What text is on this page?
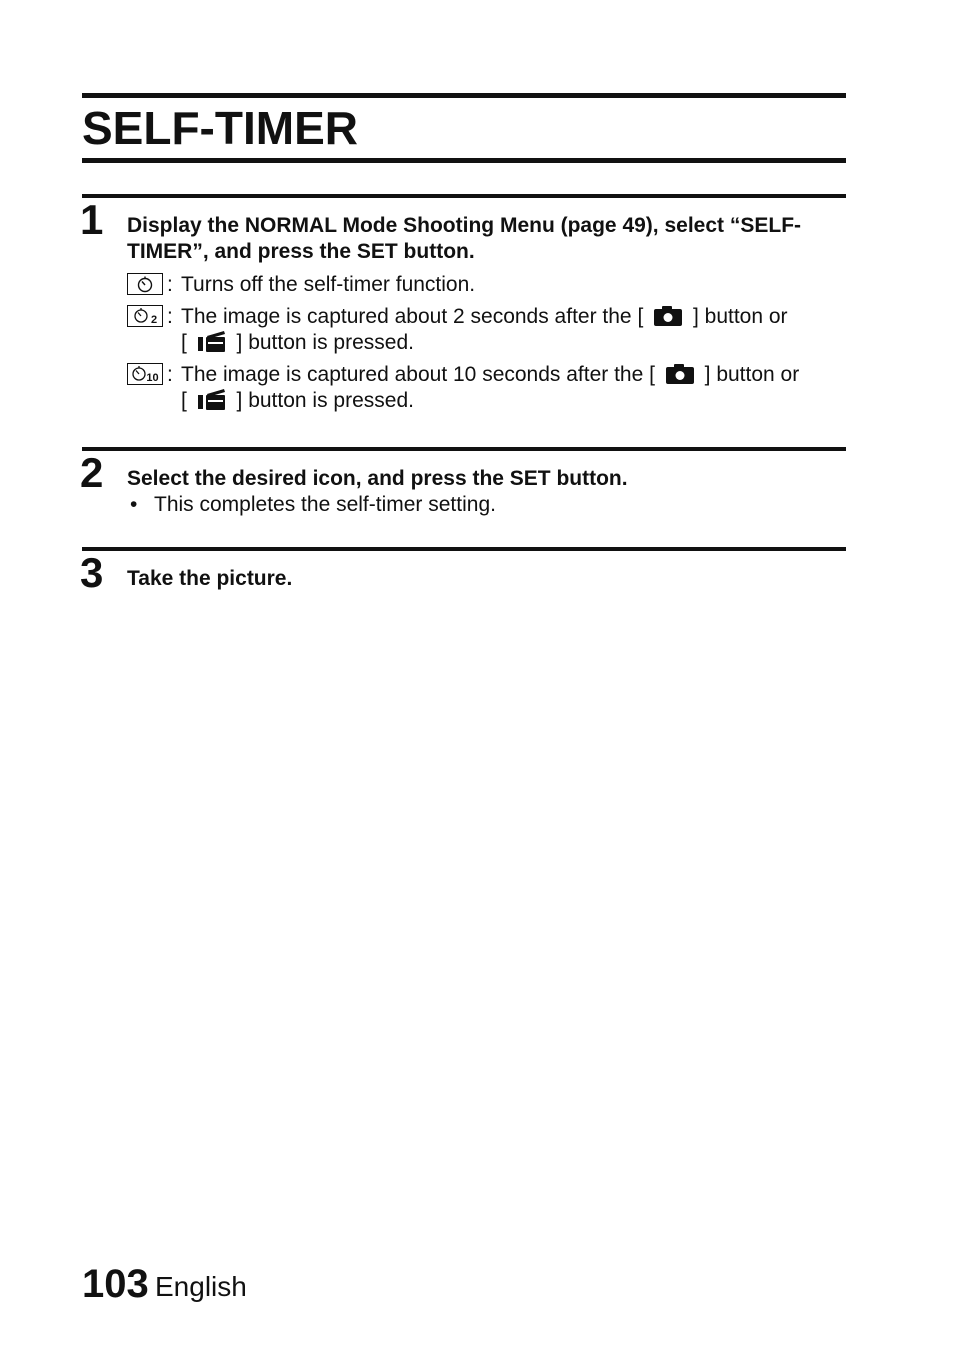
SELF-TIMER
1 Display the NORMAL Mode Shooting Menu (page 49), select “SELF-
TIMER”, and press the SET button.
: Turns off the self-timer function.
2 : The image is captured about 2 seconds after the [ ] button or
[ ] button is pressed.
10 : The image is captured about 10 seconds after the [ ] button or
[ ] button is pressed.
2 Select the desired icon, and press the SET button.
• This completes the self-timer setting.
3 Take the picture.
103 English
